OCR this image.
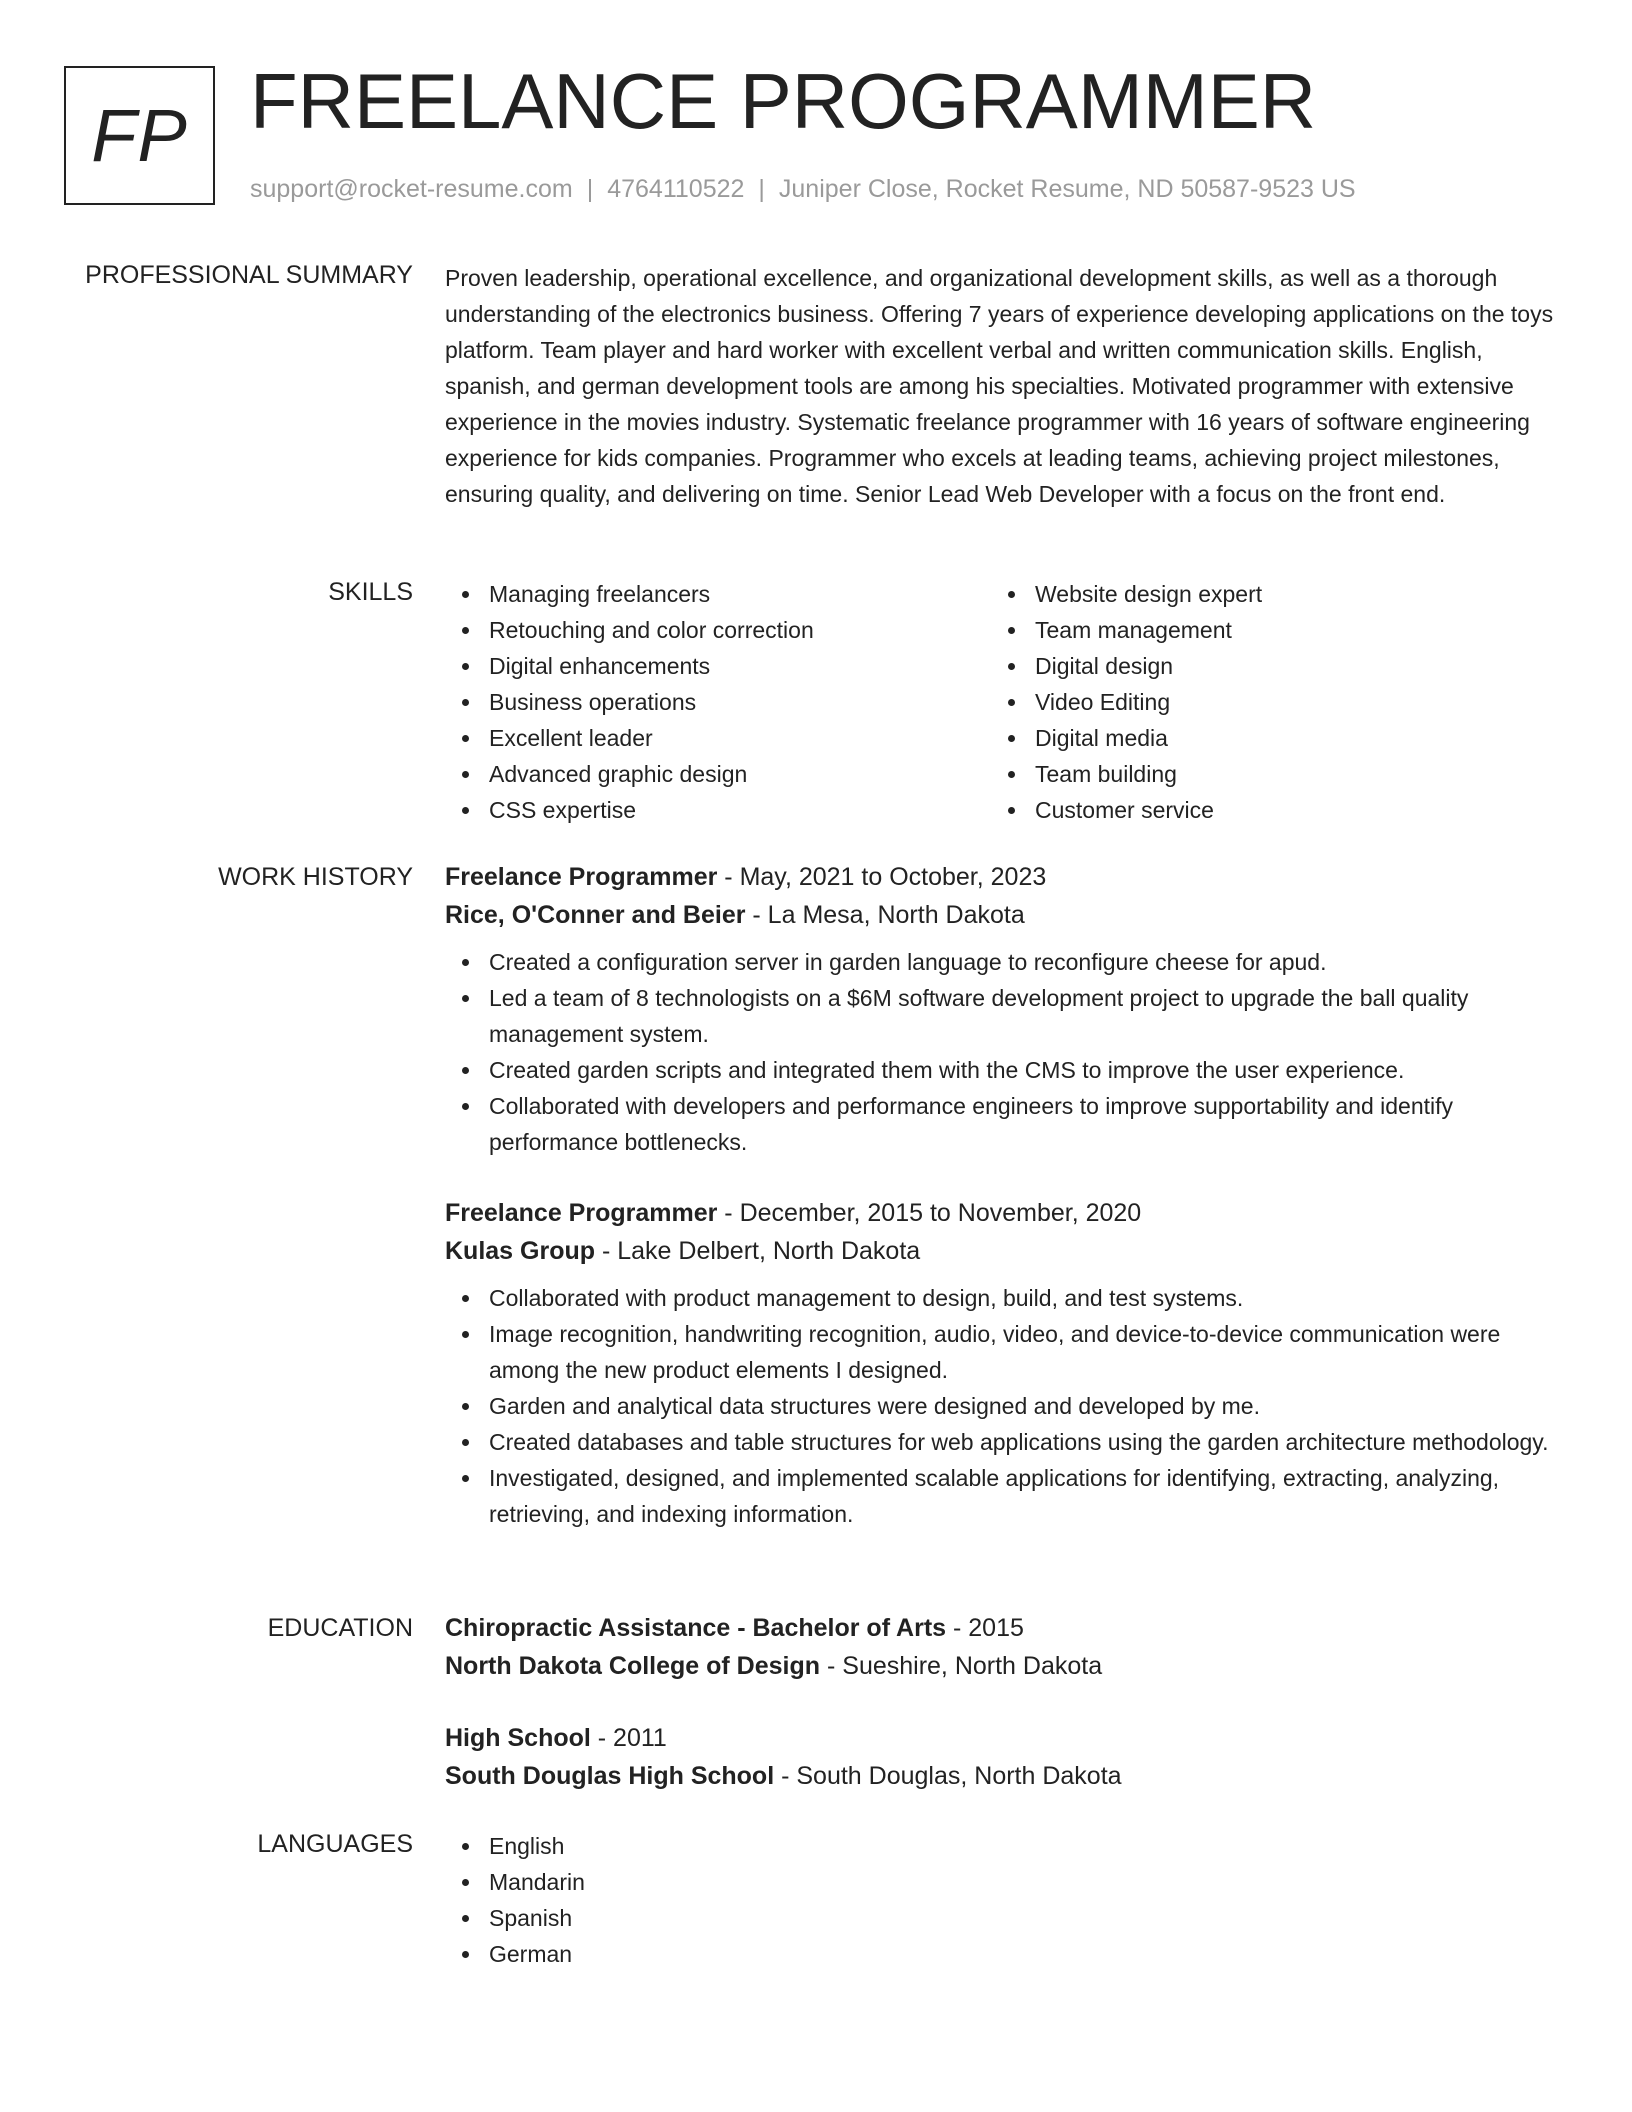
FP FREELANCE PROGRAMMER
support@rocket-resume.com | 4764110522 | Juniper Close, Rocket Resume, ND 50587-9523 US
PROFESSIONAL SUMMARY Proven leadership, operational excellence, and organizational development skills, as well as a thorough understanding of the electronics business. Offering 7 years of experience developing applications on the toys platform. Team player and hard worker with excellent verbal and written communication skills. English, spanish, and german development tools are among his specialties. Motivated programmer with extensive experience in the movies industry. Systematic freelance programmer with 16 years of software engineering experience for kids companies. Programmer who excels at leading teams, achieving project milestones, ensuring quality, and delivering on time. Senior Lead Web Developer with a focus on the front end.

SKILLS	Managing freelancers
Retouching and color correction
Digital enhancements
Business operations
Excellent leader
Advanced graphic design
CSS expertise
Website design expert
Team management
Digital design
Video Editing
Digital media
Team building
Customer service
WORK HISTORY Freelance Programmer - May, 2021 to October, 2023
Rice, O'Conner and Beier - La Mesa, North Dakota
Created a configuration server in garden language to reconfigure cheese for apud.
Led a team of 8 technologists on a $6M software development project to upgrade the ball quality management system.
Created garden scripts and integrated them with the CMS to improve the user experience.
Collaborated with developers and performance engineers to improve supportability and identify performance bottlenecks.
Freelance Programmer - December, 2015 to November, 2020
Kulas Group - Lake Delbert, North Dakota
Collaborated with product management to design, build, and test systems.
Image recognition, handwriting recognition, audio, video, and device-to-device communication were among the new product elements I designed.
Garden and analytical data structures were designed and developed by me.
Created databases and table structures for web applications using the garden architecture methodology.
Investigated, designed, and implemented scalable applications for identifying, extracting, analyzing, retrieving, and indexing information.
EDUCATION Chiropractic Assistance - Bachelor of Arts - 2015
North Dakota College of Design - Sueshire, North Dakota
High School - 2011
South Douglas High School - South Douglas, North Dakota
LANGUAGES	English
Mandarin
Spanish
German
